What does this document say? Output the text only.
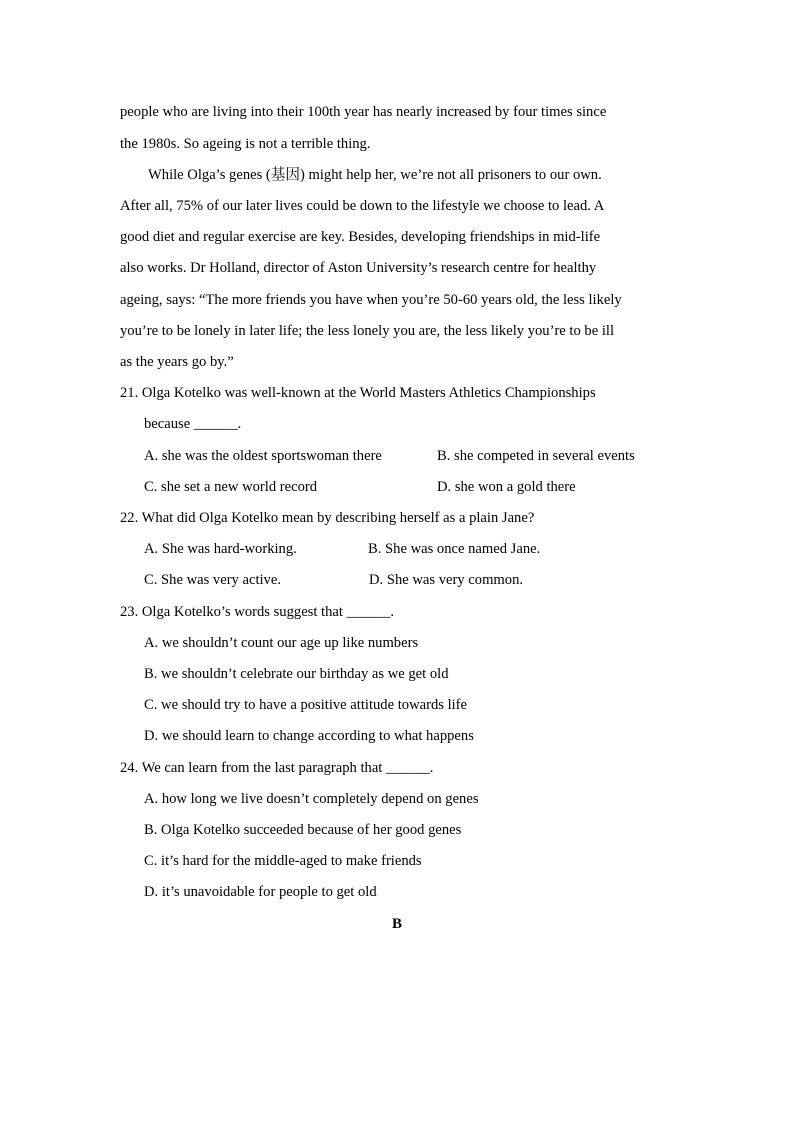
people who are living into their 100th year has nearly increased by four times since
the 1980s. So ageing is not a terrible thing.
While Olga’s genes (基因) might help her, we’re not all prisoners to our own.
After all, 75% of our later lives could be down to the lifestyle we choose to lead. A
good diet and regular exercise are key. Besides, developing friendships in mid-life
also works. Dr Holland, director of Aston University’s research centre for healthy
ageing, says: “The more friends you have when you’re 50-60 years old, the less likely
you’re to be lonely in later life; the less lonely you are, the less likely you’re to be ill
as the years go by.”
21. Olga Kotelko was well-known at the World Masters Athletics Championships
because ______.
A. she was the oldest sportswoman there	B. she competed in several events
C. she set a new world record	D. she won a gold there
22. What did Olga Kotelko mean by describing herself as a plain Jane?
A. She was hard-working.	B. She was once named Jane.
C. She was very active.	D. She was very common.
23. Olga Kotelko’s words suggest that ______.
A. we shouldn’t count our age up like numbers
B. we shouldn’t celebrate our birthday as we get old
C. we should try to have a positive attitude towards life
D. we should learn to change according to what happens
24. We can learn from the last paragraph that ______.
A. how long we live doesn’t completely depend on genes
B. Olga Kotelko succeeded because of her good genes
C. it’s hard for the middle-aged to make friends
D. it’s unavoidable for people to get old
B
